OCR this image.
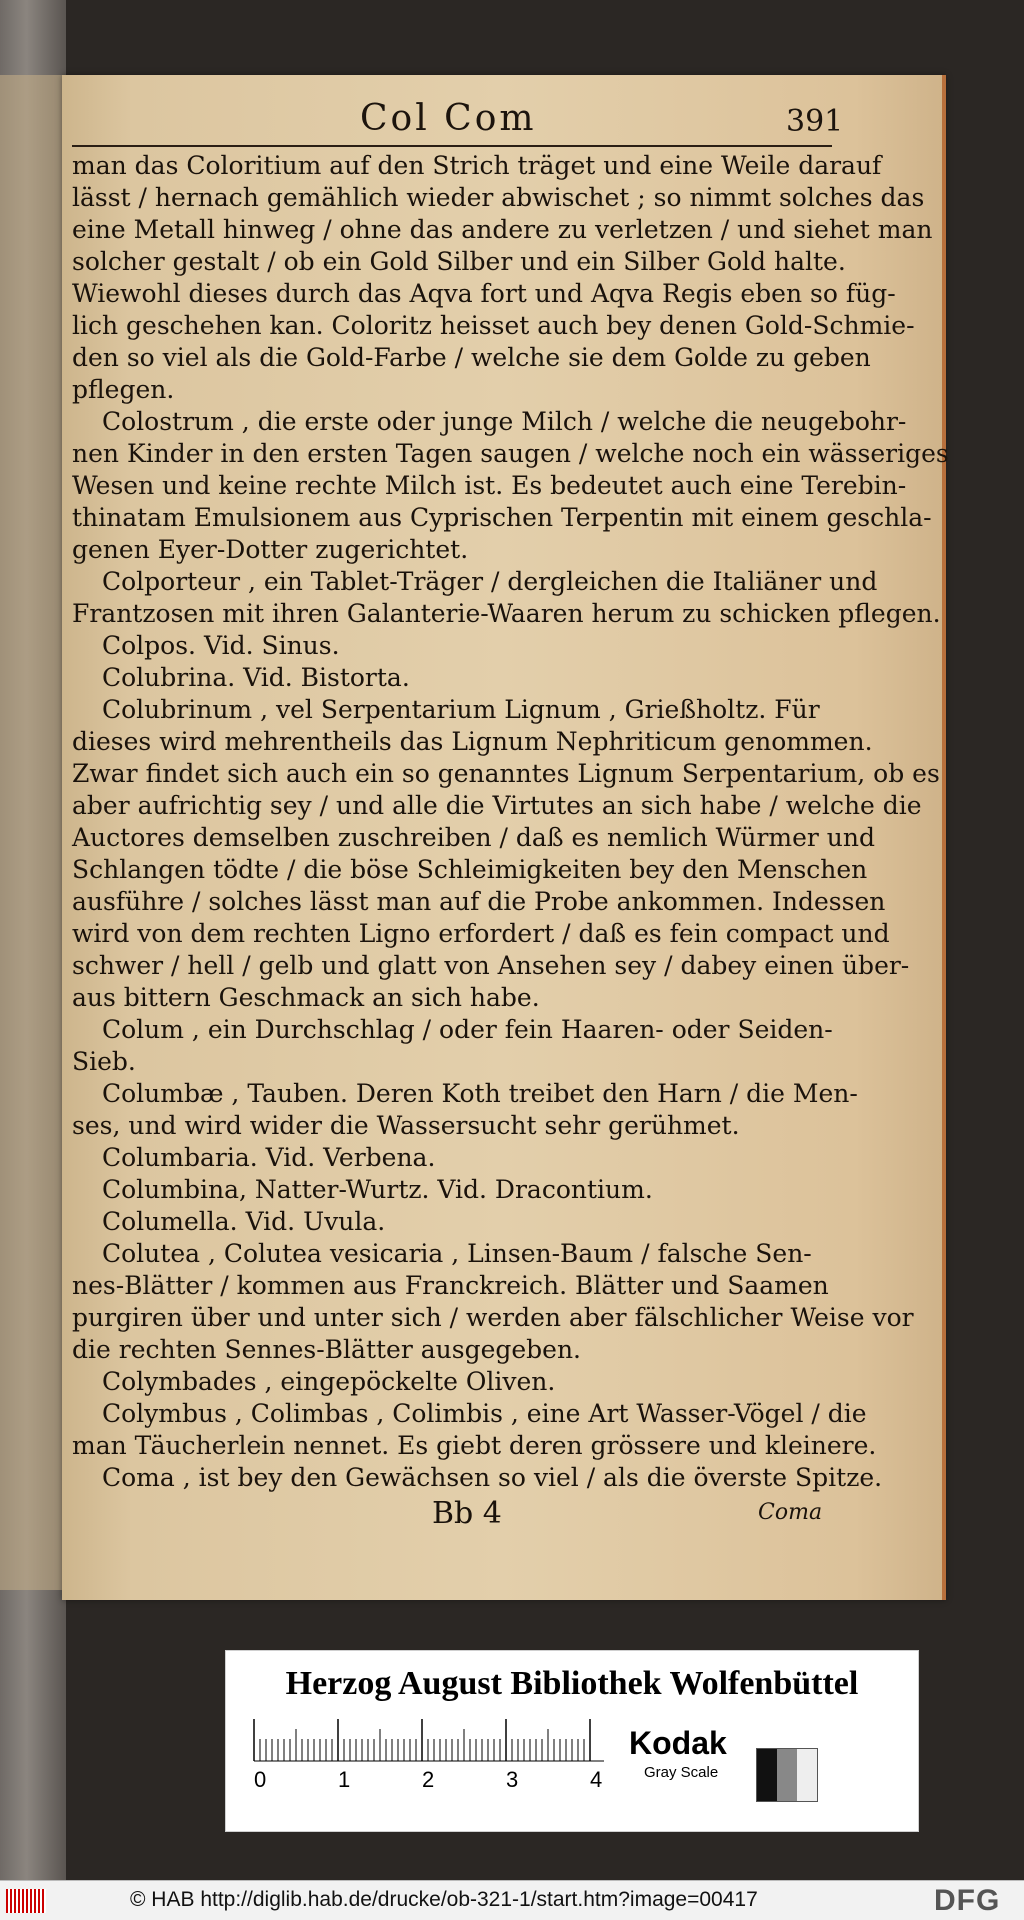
Col Com	391
man das Coloritium auf den Strich träget und eine Weile darauf
lässt / hernach gemählich wieder abwischet ; so nimmt solches das
eine Metall hinweg / ohne das andere zu verletzen / und siehet man
solcher gestalt / ob ein Gold Silber und ein Silber Gold halte.
Wiewohl dieses durch das Aqva fort und Aqva Regis eben so füg-
lich geschehen kan. Coloritz heisset auch bey denen Gold-Schmie-
den so viel als die Gold-Farbe / welche sie dem Golde zu geben
pflegen.
Colostrum , die erste oder junge Milch / welche die neugebohr-
nen Kinder in den ersten Tagen saugen / welche noch ein wässeriges
Wesen und keine rechte Milch ist. Es bedeutet auch eine Terebin-
thinatam Emulsionem aus Cyprischen Terpentin mit einem geschla-
genen Eyer-Dotter zugerichtet.
Colporteur , ein Tablet-Träger / dergleichen die Italiäner und
Frantzosen mit ihren Galanterie-Waaren herum zu schicken pflegen.
Colpos. Vid. Sinus.
Colubrina. Vid. Bistorta.
Colubrinum , vel Serpentarium Lignum , Grießholtz. Für
dieses wird mehrentheils das Lignum Nephriticum genommen.
Zwar findet sich auch ein so genanntes Lignum Serpentarium, ob es
aber aufrichtig sey / und alle die Virtutes an sich habe / welche die
Auctores demselben zuschreiben / daß es nemlich Würmer und
Schlangen tödte / die böse Schleimigkeiten bey den Menschen
ausführe / solches lässt man auf die Probe ankommen. Indessen
wird von dem rechten Ligno erfordert / daß es fein compact und
schwer / hell / gelb und glatt von Ansehen sey / dabey einen über-
aus bittern Geschmack an sich habe.
Colum , ein Durchschlag / oder fein Haaren- oder Seiden-
Sieb.
Columbæ , Tauben. Deren Koth treibet den Harn / die Men-
ses, und wird wider die Wassersucht sehr gerühmet.
Columbaria. Vid. Verbena.
Columbina, Natter-Wurtz. Vid. Dracontium.
Columella. Vid. Uvula.
Colutea , Colutea vesicaria , Linsen-Baum / falsche Sen-
nes-Blätter / kommen aus Franckreich. Blätter und Saamen
purgiren über und unter sich / werden aber fälschlicher Weise vor
die rechten Sennes-Blätter ausgegeben.
Colymbades , eingepöckelte Oliven.
Colymbus , Colimbas , Colimbis , eine Art Wasser-Vögel / die
man Täucherlein nennet. Es giebt deren grössere und kleinere.
Coma , ist bey den Gewächsen so viel / als die överste Spitze.
Bb 4	Coma
Herzog August Bibliothek Wolfenbüttel
0	1	2	3	4
Kodak
Gray Scale
© HAB http://diglib.hab.de/drucke/ob-321-1/start.htm?image=00417	DFG
